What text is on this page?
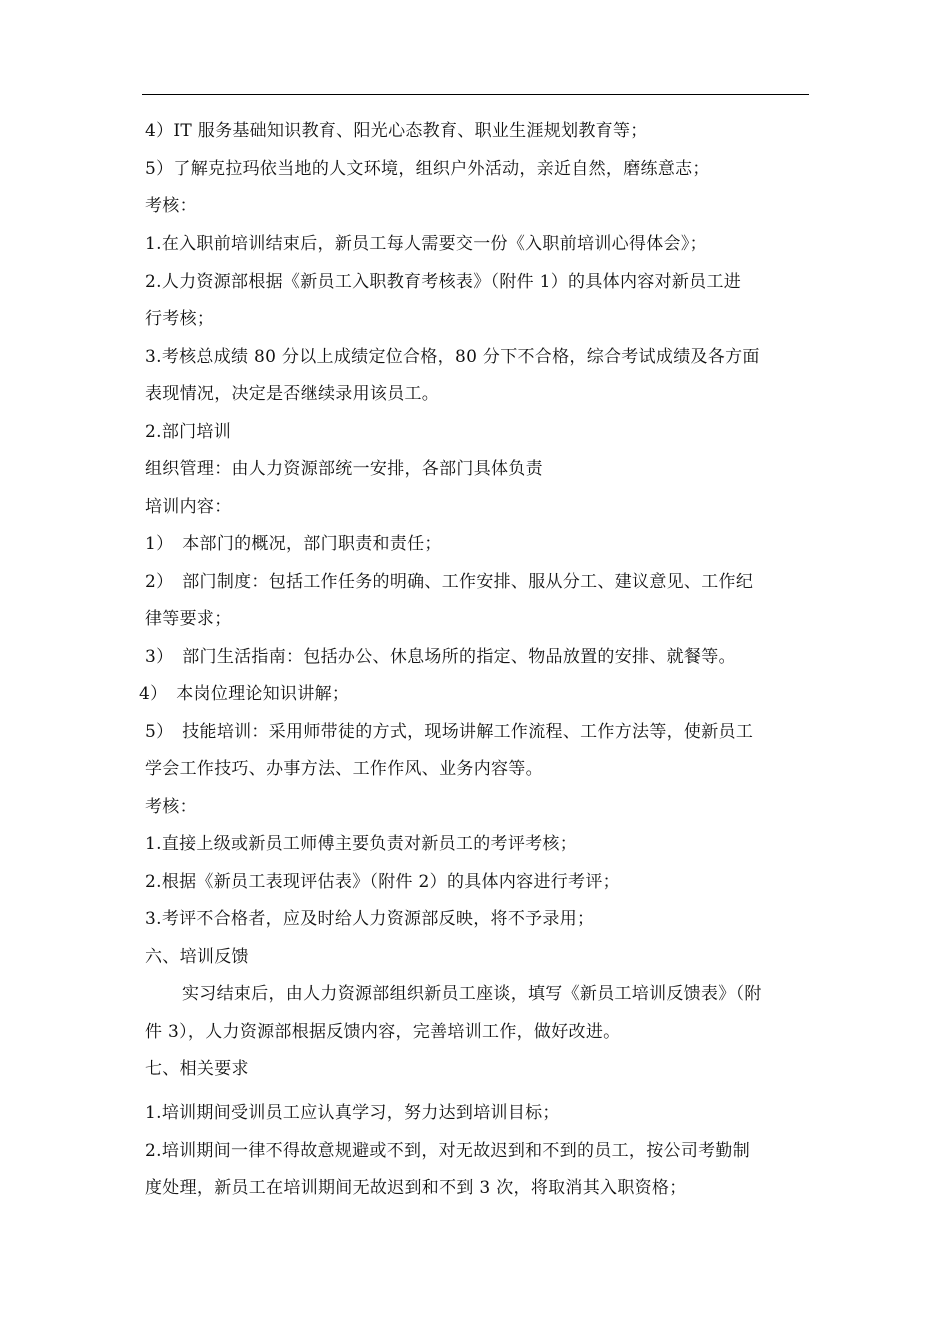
4）IT 服务基础知识教育、阳光心态教育、职业生涯规划教育等；
5）了解克拉玛依当地的人文环境，组织户外活动，亲近自然，磨练意志；
考核：
1.在入职前培训结束后，新员工每人需要交一份《入职前培训心得体会》；
2.人力资源部根据《新员工入职教育考核表》（附件 1）的具体内容对新员工进
行考核；
3.考核总成绩 80 分以上成绩定位合格，80 分下不合格，综合考试成绩及各方面
表现情况，决定是否继续录用该员工。
2.部门培训
组织管理：由人力资源部统一安排，各部门具体负责
培训内容：
1）　本部门的概况，部门职责和责任；
2）　部门制度：包括工作任务的明确、工作安排、服从分工、建议意见、工作纪
律等要求；
3）　部门生活指南：包括办公、休息场所的指定、物品放置的安排、就餐等。
4）　本岗位理论知识讲解；
5）　技能培训：采用师带徒的方式，现场讲解工作流程、工作方法等，使新员工
学会工作技巧、办事方法、工作作风、业务内容等。
考核：
1.直接上级或新员工师傅主要负责对新员工的考评考核；
2.根据《新员工表现评估表》（附件 2）的具体内容进行考评；
3.考评不合格者，应及时给人力资源部反映，将不予录用；
六、培训反馈
实习结束后，由人力资源部组织新员工座谈，填写《新员工培训反馈表》（附
件 3），人力资源部根据反馈内容，完善培训工作，做好改进。
七、相关要求
1.培训期间受训员工应认真学习，努力达到培训目标；
2.培训期间一律不得故意规避或不到，对无故迟到和不到的员工，按公司考勤制
度处理，新员工在培训期间无故迟到和不到 3 次，将取消其入职资格；
